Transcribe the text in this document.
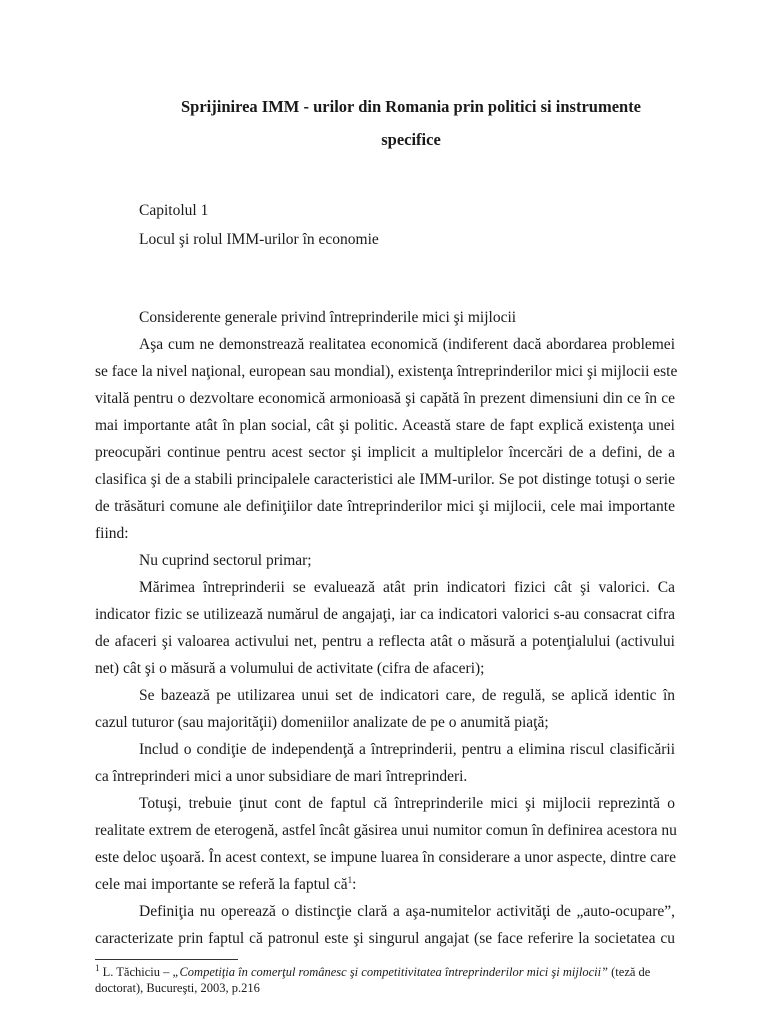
Sprijinirea IMM - urilor din Romania prin politici si instrumente
specifice
Capitolul 1
Locul şi rolul IMM-urilor în economie
Considerente generale privind întreprinderile mici şi mijlocii
Aşa cum ne demonstrează realitatea economică (indiferent dacă abordarea problemei
se face la nivel naţional, european sau mondial), existenţa întreprinderilor mici şi mijlocii este
vitală pentru o dezvoltare economică armonioasă şi capătă în prezent dimensiuni din ce în ce
mai importante atât în plan social, cât şi politic. Această stare de fapt explică existenţa unei
preocupări continue pentru acest sector şi implicit a multiplelor încercări de a defini, de a
clasifica şi de a stabili principalele caracteristici ale IMM-urilor. Se pot distinge totuşi o serie
de trăsături comune ale definiţiilor date întreprinderilor mici şi mijlocii, cele mai importante
fiind:
Nu cuprind sectorul primar;
Mărimea întreprinderii se evaluează atât prin indicatori fizici cât şi valorici. Ca
indicator fizic se utilizează numărul de angajaţi, iar ca indicatori valorici s-au consacrat cifra
de afaceri şi valoarea activului net, pentru a reflecta atât o măsură a potenţialului (activului
net) cât şi o măsură a volumului de activitate (cifra de afaceri);
Se bazează pe utilizarea unui set de indicatori care, de regulă, se aplică identic în
cazul tuturor (sau majorităţii) domeniilor analizate de pe o anumită piaţă;
Includ o condiţie de independenţă a întreprinderii, pentru a elimina riscul clasificării
ca întreprinderi mici a unor subsidiare de mari întreprinderi.
Totuşi, trebuie ţinut cont de faptul că întreprinderile mici şi mijlocii reprezintă o
realitate extrem de eterogenă, astfel încât găsirea unui numitor comun în definirea acestora nu
este deloc uşoară. În acest context, se impune luarea în considerare a unor aspecte, dintre care
cele mai importante se referă la faptul $că^1$:
Definiţia nu operează o distincţie clară a aşa-numitelor activităţi de „auto-ocupare”,
caracterizate prin faptul că patronul este şi singurul angajat (se face referire la societatea cu
$^1$ L. Tăchiciu – „Competiţia în comerţul românesc şi competitivitatea întreprinderilor mici şi mijlocii” (teză de
doctorat), Bucureşti, 2003, p.216
